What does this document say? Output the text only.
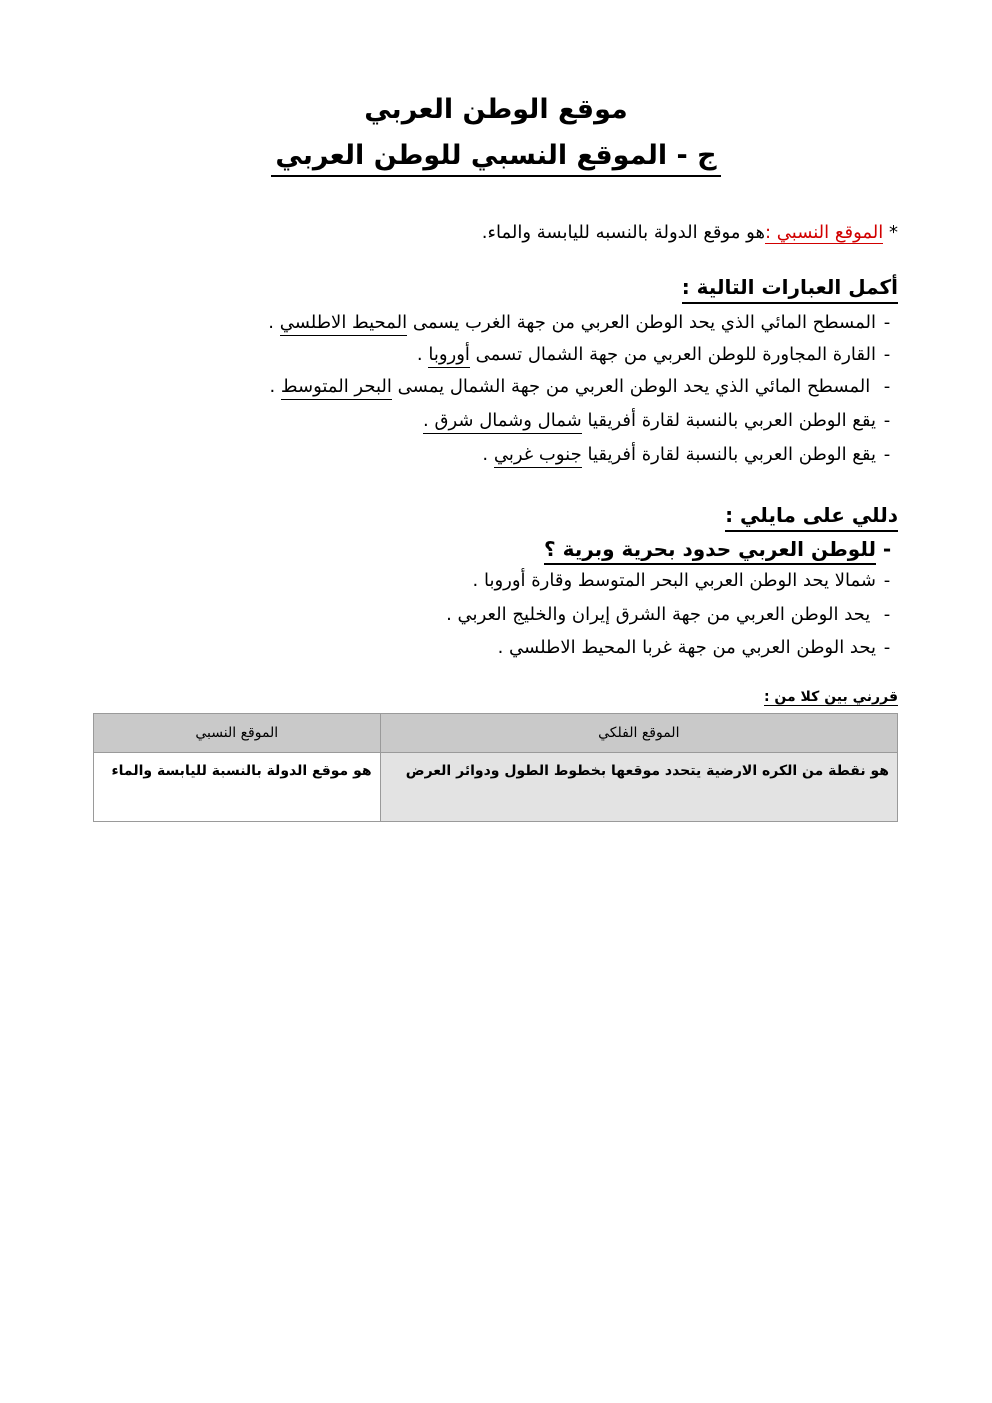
موقع الوطن العربي
ج - الموقع النسبي للوطن العربي
* الموقع النسبي :هو موقع الدولة بالنسبه لليابسة والماء.
أكمل العبارات التالية :
-المسطح المائي الذي يحد الوطن العربي من جهة الغرب يسمى المحيط الاطلسي .
-القارة المجاورة للوطن العربي من جهة الشمال تسمى أوروبا .
- المسطح المائي الذي يحد الوطن العربي من جهة الشمال يمسى البحر المتوسط .
-يقع الوطن العربي بالنسبة لقارة أفريقيا شمال وشمال شرق .
-يقع الوطن العربي بالنسبة لقارة أفريقيا جنوب غربي .
دللي على مايلي :
-للوطن العربي حدود بحرية وبرية ؟
-شمالا يحد الوطن العربي البحر المتوسط وقارة أوروبا .
- يحد الوطن العربي من جهة الشرق إيران والخليج العربي .
-يحد الوطن العربي من جهة غربا المحيط الاطلسي .
قررني بين كلا من :
الموقع الفلكي	الموقع النسبي
هو نقطة من الكره الارضية يتحدد موقعها بخطوط الطول ودوائر العرض	هو موقع الدولة بالنسبة لليابسة والماء
